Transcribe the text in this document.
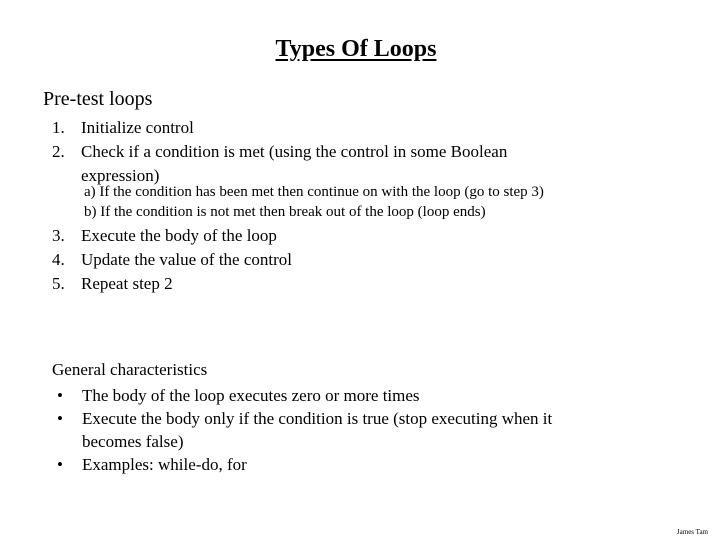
Types Of Loops

Pre-test loops

1. Initialize control
2. Check if a condition is met (using the control in some Boolean
expression)
a) If the condition has been met then continue on with the loop (go to step 3)
b) If the condition is not met then break out of the loop (loop ends)
3. Execute the body of the loop
4. Update the value of the control
5. Repeat step 2

General characteristics

•	The body of the loop executes zero or more times
•	Execute the body only if the condition is true (stop executing when it
becomes false)
•	Examples: while-do, for
James Tam
